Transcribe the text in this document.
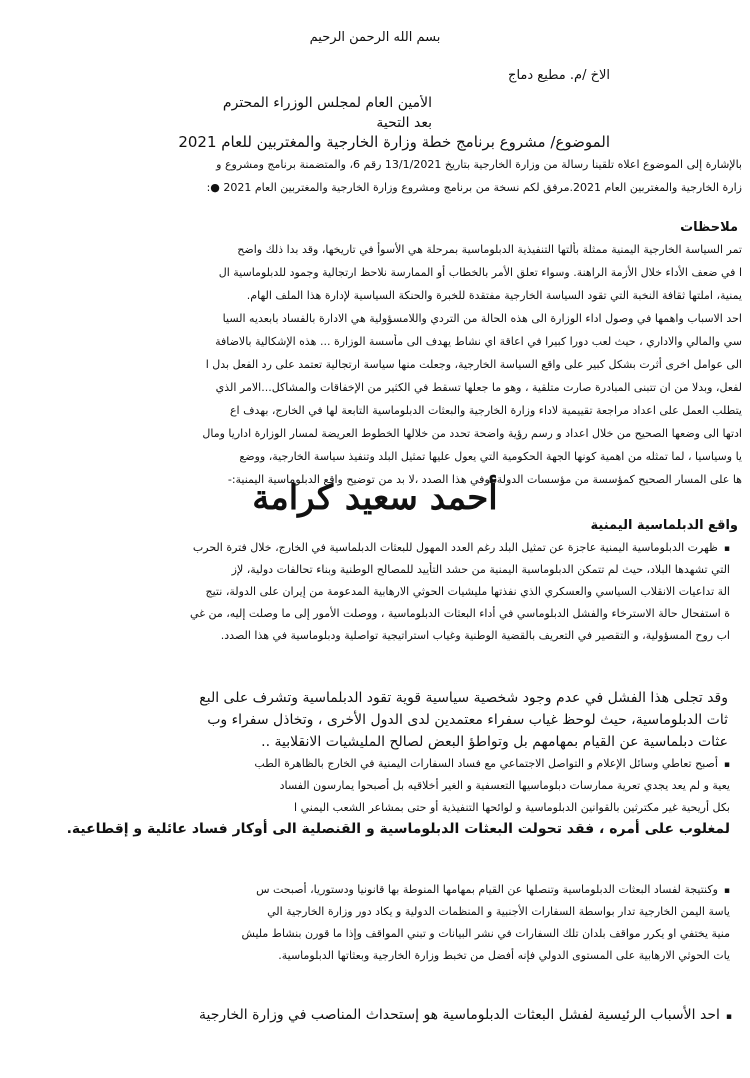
بسم الله الرحمن الرحيم
الاخ /م. مطيع دماج
الأمين العام لمجلس الوزراء المحترم
بعد التحية
الموضوع/ مشروع برنامج خطة وزارة الخارجية والمغتربين للعام 2021
بالإشارة إلى الموضوع اعلاه تلقينا رسالة من وزارة الخارجية بتاريخ 13/1/2021 رقم 6، والمتضمنة برنامج ومشروع و
زارة الخارجية والمغتربين العام 2021.مرفق لكم نسخة من برنامج ومشروع وزارة الخارجية والمغتربين العام 2021 ●:
ملاحظات
تمر السياسة الخارجية اليمنية ممثلة بألتها التنفيذية الدبلوماسية بمرحلة هي الأسوأ في تاريخها، وقد بدا ذلك واضح
ا في ضعف الأداء خلال الأزمة الراهنة. وسواء تعلق الأمر بالخطاب أو الممارسة نلاحظ ارتجالية وجمود للدبلوماسية ال
يمنية، املتها ثقافة النخبة التي تقود السياسة الخارجية مفتقدة للخبرة والحنكة السياسية لإدارة هذا الملف الهام.
احد الاسباب واهمها في وصول اداء الوزارة الى هذه الحالة من التردي واللامسؤولية هي الادارة بالفساد بابعديه السيا
سي والمالي والاداري ، حيث لعب دورا كبيرا في اعاقة اي نشاط يهدف الى مأسسة الوزارة ... هذه الإشكالية بالاضافة
الى عوامل اخرى أثرت بشكل كبير على واقع السياسة الخارجية، وجعلت منها سياسة ارتجالية تعتمد على رد الفعل بدل ا
لفعل، وبدلا من ان تتبنى المبادرة صارت متلقية ، وهو ما جعلها تسقط في الكثير من الإخفاقات والمشاكل...الامر الذي
يتطلب العمل على اعداد مراجعة تقييمية لاداء وزارة الخارجية والبعثات الدبلوماسية التابعة لها في الخارج، بهدف اع
ادتها الى وضعها الصحيح من خلال اعداد و رسم رؤية واضحة تحدد من خلالها الخطوط العريضة لمسار الوزارة اداريا ومال
يا وسياسيا ، لما تمثله من اهمية كونها الجهة الحكومية التي يعول عليها تمثيل البلد وتنفيذ سياسة الخارجية، ووضع
ها على المسار الصحيح كمؤسسة من مؤسسات الدولة..وفي هذا الصدد ،لا بد من توضيح واقع الدبلوماسية اليمنية:-
أحمد سعيد كرامة
واقع الدبلماسية اليمنية
▪ ظهرت الدبلوماسية اليمنية عاجزة عن تمثيل البلد رغم العدد المهول للبعثات الدبلماسية في الخارج، خلال فترة الحرب
التي تشهدها البلاد، حيث لم تتمكن الدبلوماسية اليمنية من حشد التأييد للمصالح الوطنية وبناء تحالفات دولية، لإز
الة تداعيات الانقلاب السياسي والعسكري الذي نفذتها مليشيات الحوثي الارهابية المدعومة من إيران على الدولة، نتيج
ة استفحال حالة الاسترخاء والفشل الدبلوماسي في أداء البعثات الدبلوماسية ، ووصلت الأمور إلى ما وصلت إليه، من غي
اب روح المسؤولية، و التقصير في التعريف بالقضية الوطنية وغياب استراتيجية تواصلية ودبلوماسية في هذا الصدد.
وقد تجلى هذا الفشل في عدم وجود شخصية سياسية قوية تقود الدبلماسية وتشرف على البع
ثات الدبلوماسية، حيث لوحظ غياب سفراء معتمدين لدى الدول الأخرى ، وتخاذل سفراء وب
عثات دبلماسية عن القيام بمهامهم بل وتواطؤ البعض لصالح المليشيات الانقلابية ..
▪ أصبح تعاطي وسائل الإعلام و التواصل الاجتماعي مع فساد السفارات اليمنية في الخارج بالظاهرة الطب
يعية و لم يعد يجدي تعرية ممارسات دبلوماسيها التعسفية و الغير أخلاقيه بل أصبحوا يمارسون الفساد
بكل أريحية غير مكترثين بالقوانين الدبلوماسية و لوائحها التنفيذية أو حتى بمشاعر الشعب اليمني ا
لمغلوب على أمره ، فقد تحولت البعثات الدبلوماسية و القنصلية الى أوكار فساد عائلية و إقطاعية.
▪ وكنتيجة لفساد البعثات الدبلوماسية وتنصلها عن القيام بمهامها المنوطة بها قانونيا ودستوريا، أصبحت س
ياسة اليمن الخارجية تدار بواسطة السفارات الأجنبية و المنظمات الدولية و يكاد دور وزارة الخارجية الي
منية يختفي او يكرر مواقف بلدان تلك السفارات في نشر البيانات و تبني المواقف وإذا ما قورن بنشاط مليش
يات الحوثي الارهابية على المستوى الدولي فإنه أفضل من تخبط وزارة الخارجية وبعثاتها الدبلوماسية.
▪ احد الأسباب الرئيسية لفشل البعثات الدبلوماسية هو إستحداث المناصب في وزارة الخارجية
